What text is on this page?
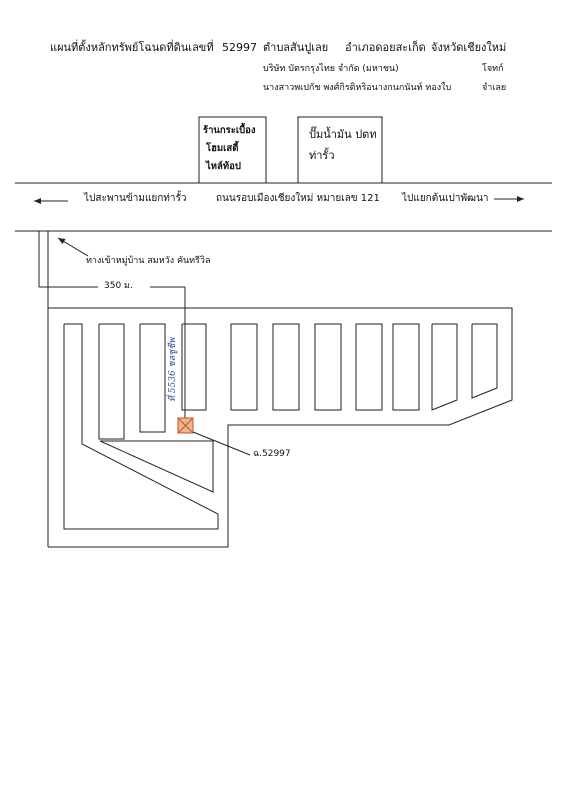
แผนที่ตั้งหลักทรัพย์โฉนดที่ดินเลขที่ 52997 ตำบลสันปูเลย อำเภอดอยสะเก็ด จังหวัดเชียงใหม่
บริษัท บัตรกรุงไทย จำกัด (มหาชน)	โจทก์
นางสาวพเปกัช พงศ์กิรติหริอนางกนกนันท์ ทองใบ	จำเลย
ร้านกระเบื้อง
โฮมเสตี้
ไหล์ท้อป
ปั๊มน้ำมัน ปตท
ท่ารั้ว
ไปสะพานข้ามแยกท่ารั้ว	ถนนรอบเมืองเชียงใหม่ หมายเลข 121 ไปแยกต้นเปาพัฒนา
ทางเข้าหมู่บ้าน สมหวัง คันทรีวิล
350 ม.
ที่ 5536 ชลชูชีพ
ฉ.52997
